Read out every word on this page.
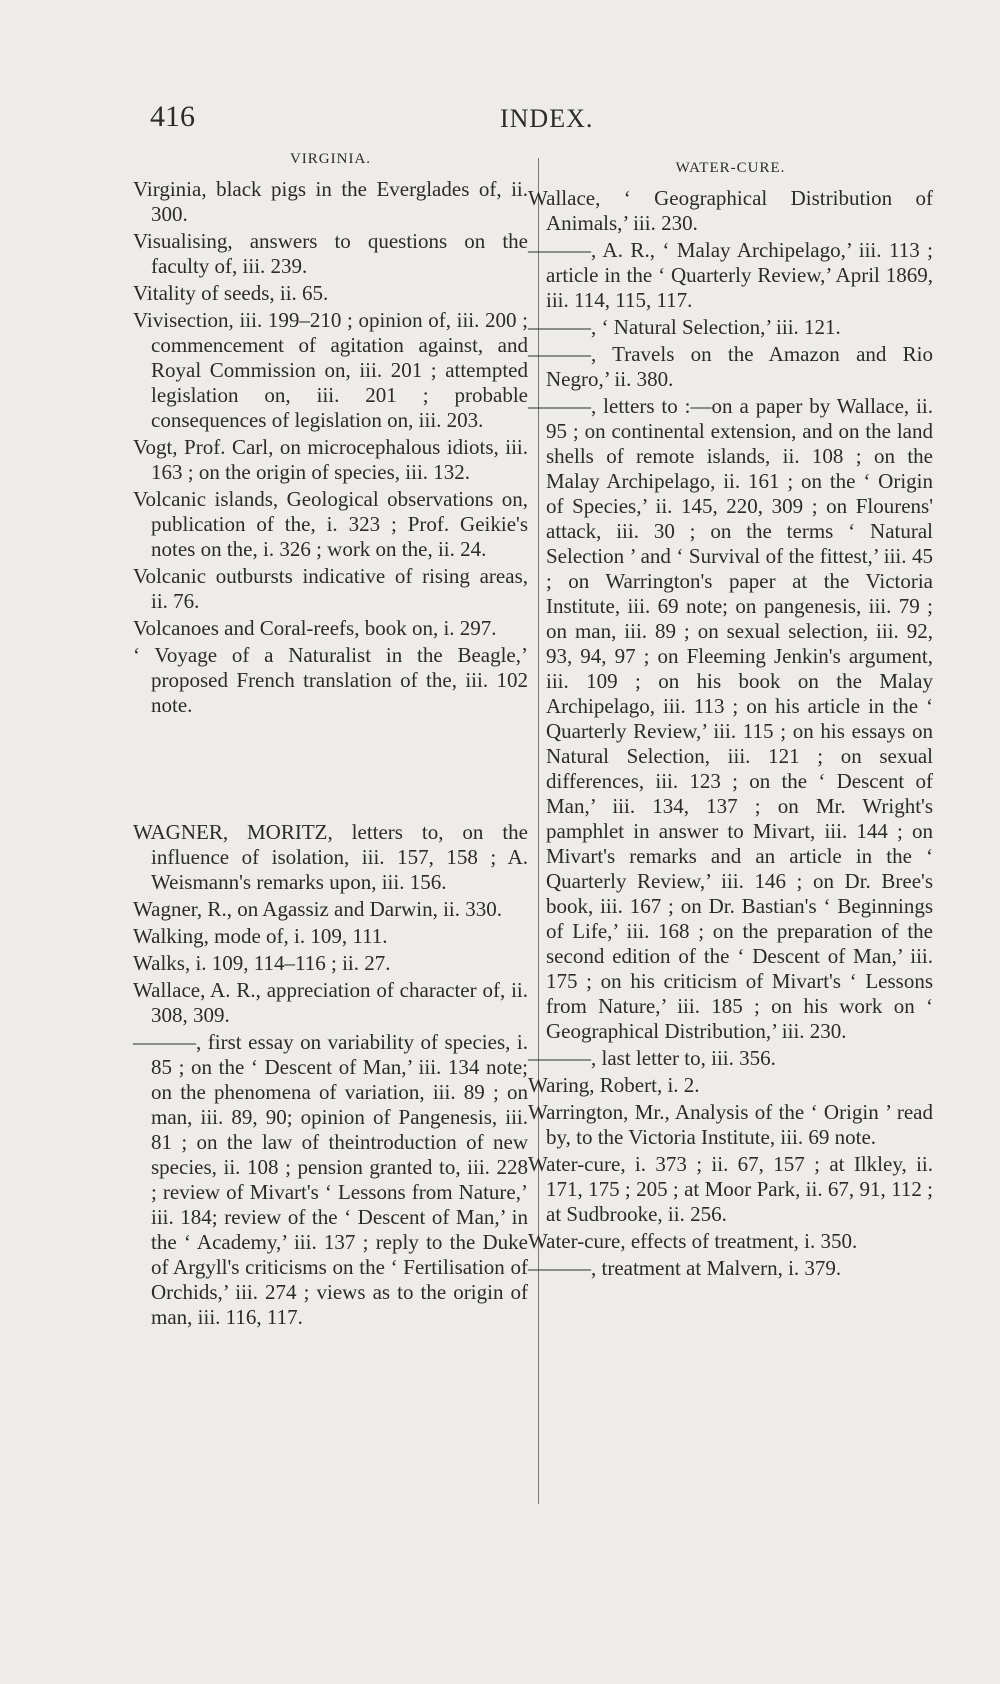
416	INDEX.
VIRGINIA.

Virginia, black pigs in the Everglades of, ii. 300.

Visualising, answers to questions on the faculty of, iii. 239.

Vitality of seeds, ii. 65.

Vivisection, iii. 199–210 ; opinion of, iii. 200 ; commencement of agitation against, and Royal Commission on, iii. 201 ; attempted legislation on, iii. 201 ; probable consequences of legislation on, iii. 203.

Vogt, Prof. Carl, on microcephalous idiots, iii. 163 ; on the origin of species, iii. 132.

Volcanic islands, Geological observations on, publication of the, i. 323 ; Prof. Geikie's notes on the, i. 326 ; work on the, ii. 24.

Volcanic outbursts indicative of rising areas, ii. 76.

Volcanoes and Coral-reefs, book on, i. 297.

‘ Voyage of a Naturalist in the Beagle,’ proposed French translation of the, iii. 102 note.

WAGNER, MORITZ, letters to, on the influence of isolation, iii. 157, 158 ; A. Weismann's remarks upon, iii. 156.

Wagner, R., on Agassiz and Darwin, ii. 330.

Walking, mode of, i. 109, 111.

Walks, i. 109, 114–116 ; ii. 27.

Wallace, A. R., appreciation of character of, ii. 308, 309.

———, first essay on variability of species, i. 85 ; on the ‘ Descent of Man,’ iii. 134 note; on the phenomena of variation, iii. 89 ; on man, iii. 89, 90; opinion of Pangenesis, iii. 81 ; on the law of theintroduction of new species, ii. 108 ; pension granted to, iii. 228 ; review of Mivart's ‘ Lessons from Nature,’ iii. 184; review of the ‘ Descent of Man,’ in the ‘ Academy,’ iii. 137 ; reply to the Duke of Argyll's criticisms on the ‘ Fertilisation of Orchids,’ iii. 274 ; views as to the origin of man, iii. 116, 117.

WATER-CURE.

Wallace, ‘ Geographical Distribution of Animals,’ iii. 230.

———, A. R., ‘ Malay Archipelago,’ iii. 113 ; article in the ‘ Quarterly Review,’ April 1869, iii. 114, 115, 117.

———, ‘ Natural Selection,’ iii. 121.

———, Travels on the Amazon and Rio Negro,’ ii. 380.

———, letters to :—on a paper by Wallace, ii. 95 ; on continental extension, and on the land shells of remote islands, ii. 108 ; on the Malay Archipelago, ii. 161 ; on the ‘ Origin of Species,’ ii. 145, 220, 309 ; on Flourens' attack, iii. 30 ; on the terms ‘ Natural Selection ’ and ‘ Survival of the fittest,’ iii. 45 ; on Warrington's paper at the Victoria Institute, iii. 69 note; on pangenesis, iii. 79 ; on man, iii. 89 ; on sexual selection, iii. 92, 93, 94, 97 ; on Fleeming Jenkin's argument, iii. 109 ; on his book on the Malay Archipelago, iii. 113 ; on his article in the ‘ Quarterly Review,’ iii. 115 ; on his essays on Natural Selection, iii. 121 ; on sexual differences, iii. 123 ; on the ‘ Descent of Man,’ iii. 134, 137 ; on Mr. Wright's pamphlet in answer to Mivart, iii. 144 ; on Mivart's remarks and an article in the ‘ Quarterly Review,’ iii. 146 ; on Dr. Bree's book, iii. 167 ; on Dr. Bastian's ‘ Beginnings of Life,’ iii. 168 ; on the preparation of the second edition of the ‘ Descent of Man,’ iii. 175 ; on his criticism of Mivart's ‘ Lessons from Nature,’ iii. 185 ; on his work on ‘ Geographical Distribution,’ iii. 230.

———, last letter to, iii. 356.

Waring, Robert, i. 2.

Warrington, Mr., Analysis of the ‘ Origin ’ read by, to the Victoria Institute, iii. 69 note.

Water-cure, i. 373 ; ii. 67, 157 ; at Ilkley, ii. 171, 175 ; 205 ; at Moor Park, ii. 67, 91, 112 ; at Sudbrooke, ii. 256.

Water-cure, effects of treatment, i. 350.

———, treatment at Malvern, i. 379.
